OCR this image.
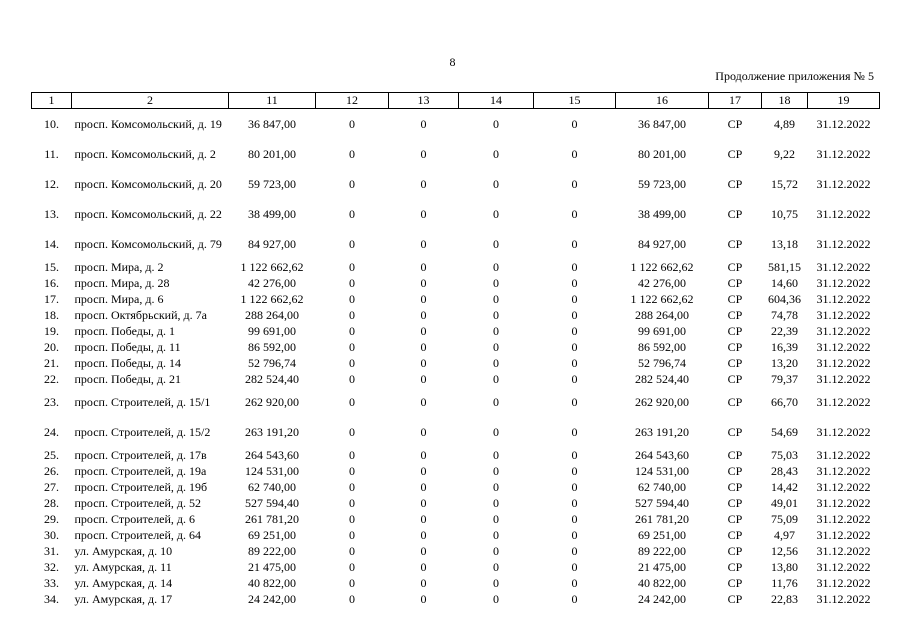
8
Продолжение приложения № 5
1	2	11	12	13	14	15	16	17	18	19
10.	просп. Комсомольский, д. 19	36 847,00	0	0	0	0	36 847,00	СР	4,89	31.12.2022
11.	просп. Комсомольский, д. 2	80 201,00	0	0	0	0	80 201,00	СР	9,22	31.12.2022
12.	просп. Комсомольский, д. 20	59 723,00	0	0	0	0	59 723,00	СР	15,72	31.12.2022
13.	просп. Комсомольский, д. 22	38 499,00	0	0	0	0	38 499,00	СР	10,75	31.12.2022
14.	просп. Комсомольский, д. 79	84 927,00	0	0	0	0	84 927,00	СР	13,18	31.12.2022
15.	просп. Мира, д. 2	1 122 662,62	0	0	0	0	1 122 662,62	СР	581,15	31.12.2022
16.	просп. Мира, д. 28	42 276,00	0	0	0	0	42 276,00	СР	14,60	31.12.2022
17.	просп. Мира, д. 6	1 122 662,62	0	0	0	0	1 122 662,62	СР	604,36	31.12.2022
18.	просп. Октябрьский, д. 7а	288 264,00	0	0	0	0	288 264,00	СР	74,78	31.12.2022
19.	просп. Победы, д. 1	99 691,00	0	0	0	0	99 691,00	СР	22,39	31.12.2022
20.	просп. Победы, д. 11	86 592,00	0	0	0	0	86 592,00	СР	16,39	31.12.2022
21.	просп. Победы, д. 14	52 796,74	0	0	0	0	52 796,74	СР	13,20	31.12.2022
22.	просп. Победы, д. 21	282 524,40	0	0	0	0	282 524,40	СР	79,37	31.12.2022
23.	просп. Строителей, д. 15/1	262 920,00	0	0	0	0	262 920,00	СР	66,70	31.12.2022
24.	просп. Строителей, д. 15/2	263 191,20	0	0	0	0	263 191,20	СР	54,69	31.12.2022
25.	просп. Строителей, д. 17в	264 543,60	0	0	0	0	264 543,60	СР	75,03	31.12.2022
26.	просп. Строителей, д. 19а	124 531,00	0	0	0	0	124 531,00	СР	28,43	31.12.2022
27.	просп. Строителей, д. 19б	62 740,00	0	0	0	0	62 740,00	СР	14,42	31.12.2022
28.	просп. Строителей, д. 52	527 594,40	0	0	0	0	527 594,40	СР	49,01	31.12.2022
29.	просп. Строителей, д. 6	261 781,20	0	0	0	0	261 781,20	СР	75,09	31.12.2022
30.	просп. Строителей, д. 64	69 251,00	0	0	0	0	69 251,00	СР	4,97	31.12.2022
31.	ул. Амурская, д. 10	89 222,00	0	0	0	0	89 222,00	СР	12,56	31.12.2022
32.	ул. Амурская, д. 11	21 475,00	0	0	0	0	21 475,00	СР	13,80	31.12.2022
33.	ул. Амурская, д. 14	40 822,00	0	0	0	0	40 822,00	СР	11,76	31.12.2022
34.	ул. Амурская, д. 17	24 242,00	0	0	0	0	24 242,00	СР	22,83	31.12.2022
